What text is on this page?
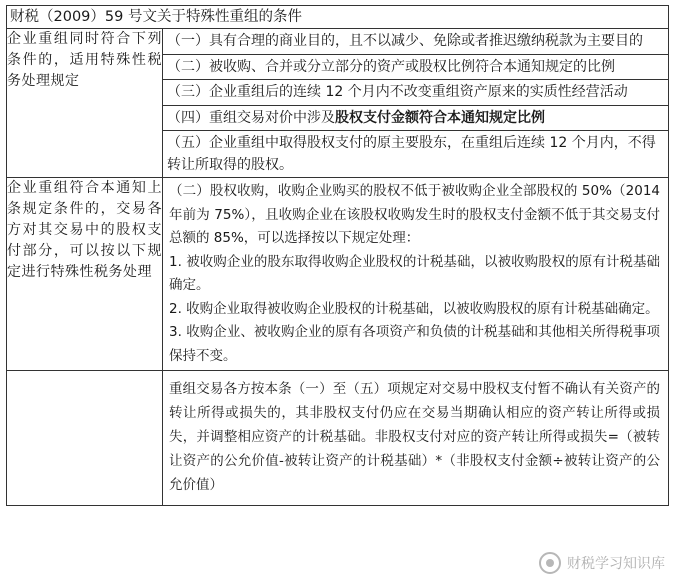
财税（2009）59 号文关于特殊性重组的条件
企业重组同时符合下列条件的，适用特殊性税务处理规定	（一）具有合理的商业目的，且不以减少、免除或者推迟缴纳税款为主要目的
（二）被收购、合并或分立部分的资产或股权比例符合本通知规定的比例
（三）企业重组后的连续 12 个月内不改变重组资产原来的实质性经营活动
（四）重组交易对价中涉及股权支付金额符合本通知规定比例
（五）企业重组中取得股权支付的原主要股东，在重组后连续 12 个月内，不得转让所取得的股权。

企业重组符合本通知上条规定条件的，交易各方对其交易中的股权支付部分，可以按以下规定进行特殊性税务处理	（二）股权收购，收购企业购买的股权不低于被收购企业全部股权的 50%（2014 年前为 75%），且收购企业在该股权收购发生时的股权支付金额不低于其交易支付总额的 85%，可以选择按以下规定处理：

1. 被收购企业的股东取得收购企业股权的计税基础，以被收购股权的原有计税基础确定。

2. 收购企业取得被收购企业股权的计税基础，以被收购股权的原有计税基础确定。

3. 收购企业、被收购企业的原有各项资产和负债的计税基础和其他相关所得税事项保持不变。

	重组交易各方按本条（一）至（五）项规定对交易中股权支付暂不确认有关资产的转让所得或损失的，其非股权支付仍应在交易当期确认相应的资产转让所得或损失，并调整相应资产的计税基础。非股权支付对应的资产转让所得或损失=（被转让资产的公允价值-被转让资产的计税基础）*（非股权支付金额÷被转让资产的公允价值）
财税学习知识库
